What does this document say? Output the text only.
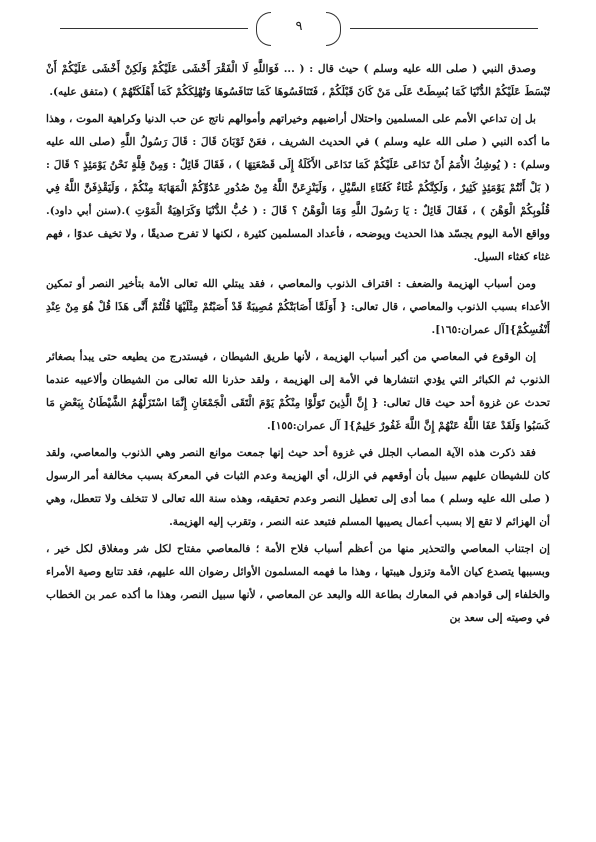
٩

وصدق النبي ( صلى الله عليه وسلم ) حيث قال : ( ... فَوَاللَّهِ لَا الْفَقْرَ أَخْشَى عَلَيْكُمْ وَلَكِنْ أَخْشَى عَلَيْكُمْ أَنْ تُبْسَطَ عَلَيْكُمْ الدُّنْيَا كَمَا بُسِطَتْ عَلَى مَنْ كَانَ قَبْلَكُمْ ، فَتَنَافَسُوهَا كَمَا تَنَافَسُوهَا وَتُهْلِكَكُمْ كَمَا أَهْلَكَتْهُمْ ) (متفق عليه).

بل إن تداعي الأمم على المسلمين واحتلال أراضيهم وخيراتهم وأموالهم ناتج عن حب الدنيا وكراهية الموت ، وهذا ما أكده النبي ( صلى الله عليه وسلم ) في الحديث الشريف ، فعَنْ ثَوْبَانَ قَالَ : قَالَ رَسُولُ اللَّهِ (صلى الله عليه وسلم) : ( يُوشِكُ الأُمَمُ أَنْ تَدَاعَى عَلَيْكُمْ كَمَا تَدَاعَى الأَكَلَةُ إِلَى قَصْعَتِهَا ) ، فَقَالَ قَائِلٌ : وَمِنْ قِلَّةٍ نَحْنُ يَوْمَئِذٍ ؟ قَالَ : ( بَلْ أَنْتُمْ يَوْمَئِذٍ كَثِيرٌ ، وَلَكِنَّكُمْ غُثَاءٌ كَغُثَاءِ السَّيْلِ ، وَلَيَنْزِعَنَّ اللَّهُ مِنْ صُدُورِ عَدُوِّكُمْ الْمَهَابَةَ مِنْكُمْ ، وَلَيَقْذِفَنَّ اللَّهُ فِي قُلُوبِكُمْ الْوَهْنَ ) ، فَقَالَ قَائِلٌ : يَا رَسُولَ اللَّهِ وَمَا الْوَهْنُ ؟ قَالَ : ( حُبُّ الدُّنْيَا وَكَرَاهِيَةُ الْمَوْتِ ).(سنن أبي داود). وواقع الأمة اليوم يجسّد هذا الحديث ويوضحه ، فأعداد المسلمين كثيرة ، لكنها لا تفرح صديقًا ، ولا تخيف عدوًا ، فهم غثاء كغثاء السيل.

ومن أسباب الهزيمة والضعف : اقتراف الذنوب والمعاصي ، فقد يبتلي الله تعالى الأمة بتأخير النصر أو تمكين الأعداء بسبب الذنوب والمعاصي ، قال تعالى: { أَوَلَمَّا أَصَابَتْكُمْ مُصِيبَةٌ قَدْ أَصَبْتُمْ مِثْلَيْهَا قُلْتُمْ أَنَّى هَذَا قُلْ هُوَ مِنْ عِنْدِ أَنْفُسِكُمْ}[آل عمران:١٦٥].

إن الوقوع في المعاصي من أكبر أسباب الهزيمة ، لأنها طريق الشيطان ، فيستدرج من يطيعه حتى يبدأ بصغائر الذنوب ثم الكبائر التي يؤدي انتشارها في الأمة إلى الهزيمة ، ولقد حذرنا الله تعالى من الشيطان وألاعيبه عندما تحدث عن غزوة أحد حيث قال تعالى: { إِنَّ الَّذِينَ تَوَلَّوْا مِنْكُمْ يَوْمَ الْتَقَى الْجَمْعَانِ إِنَّمَا اسْتَزَلَّهُمُ الشَّيْطَانُ بِبَعْضِ مَا كَسَبُوا وَلَقَدْ عَفَا اللَّهُ عَنْهُمْ إِنَّ اللَّهَ غَفُورٌ حَلِيمٌ}[ آل عمران:١٥٥].

فقد ذكرت هذه الآية المصاب الجلل في غزوة أحد حيث إنها جمعت موانع النصر وهي الذنوب والمعاصي، ولقد كان للشيطان عليهم سبيل بأن أوقعهم في الزلل، أي الهزيمة وعدم الثبات في المعركة بسبب مخالفة أمر الرسول ( صلى الله عليه وسلم ) مما أدى إلى تعطيل النصر وعدم تحقيقه، وهذه سنة الله تعالى لا تتخلف ولا تتعطل، وهي أن الهزائم لا تقع إلا بسبب أعمال يصيبها المسلم فتبعد عنه النصر ، وتقرب إليه الهزيمة.

إن اجتناب المعاصي والتحذير منها من أعظم أسباب فلاح الأمة ؛ فالمعاصي مفتاح لكل شر ومغلاق لكل خير ، وبسببها يتصدع كيان الأمة وتزول هيبتها ، وهذا ما فهمه المسلمون الأوائل رضوان الله عليهم، فقد تتابع وصية الأمراء والخلفاء إلى قوادهم في المعارك بطاعة الله والبعد عن المعاصي ، لأنها سبيل النصر، وهذا ما أكده عمر بن الخطاب في وصيته إلى سعد بن
